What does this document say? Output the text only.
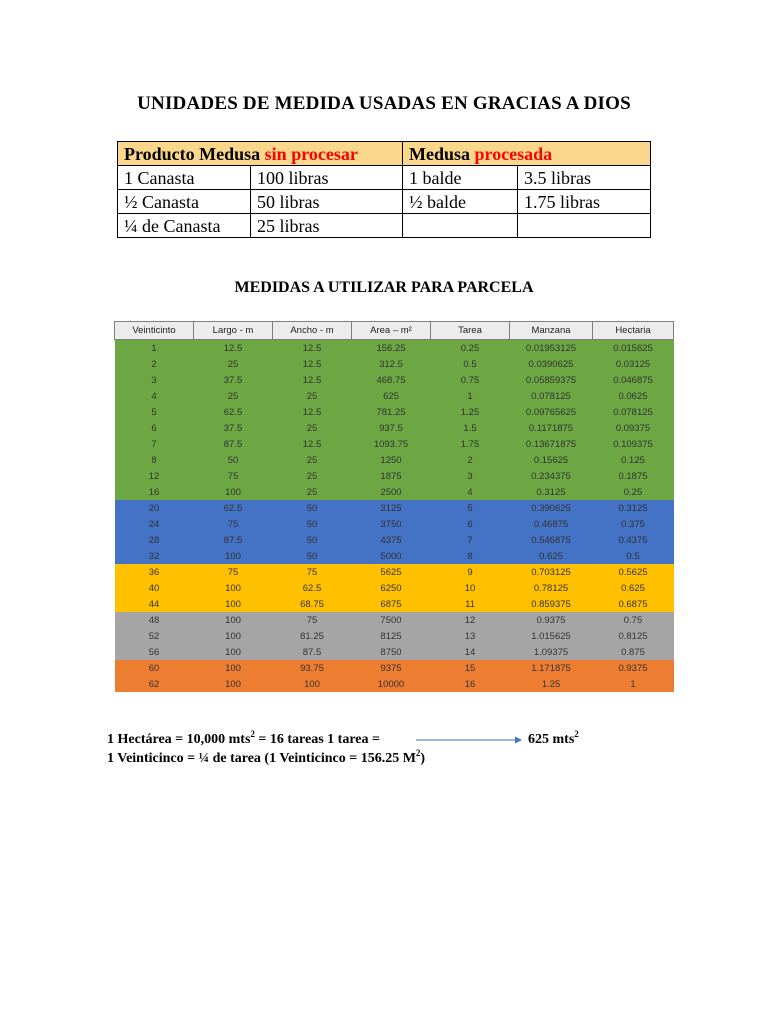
UNIDADES DE MEDIDA USADAS EN GRACIAS A DIOS
Producto Medusa sin procesar		Medusa procesada	
1 Canasta	100 libras	1 balde	3.5 libras
½ Canasta	50 libras	½ balde	1.75 libras
¼ de Canasta	25 libras		
MEDIDAS A UTILIZAR PARA PARCELA
Veinticinto	Largo - m	Ancho - m	Area – m²	Tarea	Manzana	Hectaria
1	12.5	12.5	156.25	0.25	0.01953125	0.015625
2	25	12.5	312.5	0.5	0.0390625	0.03125
3	37.5	12.5	468.75	0.75	0.05859375	0.046875
4	25	25	625	1	0.078125	0.0625
5	62.5	12.5	781.25	1.25	0.09765625	0.078125
6	37.5	25	937.5	1.5	0.1171875	0.09375
7	87.5	12.5	1093.75	1.75	0.13671875	0.109375
8	50	25	1250	2	0.15625	0.125
12	75	25	1875	3	0.234375	0.1875
16	100	25	2500	4	0.3125	0.25
20	62.5	50	3125	5	0.390625	0.3125
24	75	50	3750	6	0.46875	0.375
28	87.5	50	4375	7	0.546875	0.4375
32	100	50	5000	8	0.625	0.5
36	75	75	5625	9	0.703125	0.5625
40	100	62.5	6250	10	0.78125	0.625
44	100	68.75	6875	11	0.859375	0.6875
48	100	75	7500	12	0.9375	0.75
52	100	81.25	8125	13	1.015625	0.8125
56	100	87.5	8750	14	1.09375	0.875
60	100	93.75	9375	15	1.171875	0.9375
62	100	100	10000	16	1.25	1
1 Hectárea = 10,000 mts$^2$ = 16 tareas 1 tarea =	625 mts$^2$
1 Veinticinco = ¼ de tarea (1 Veinticinco = 156.25 $M^2$)
